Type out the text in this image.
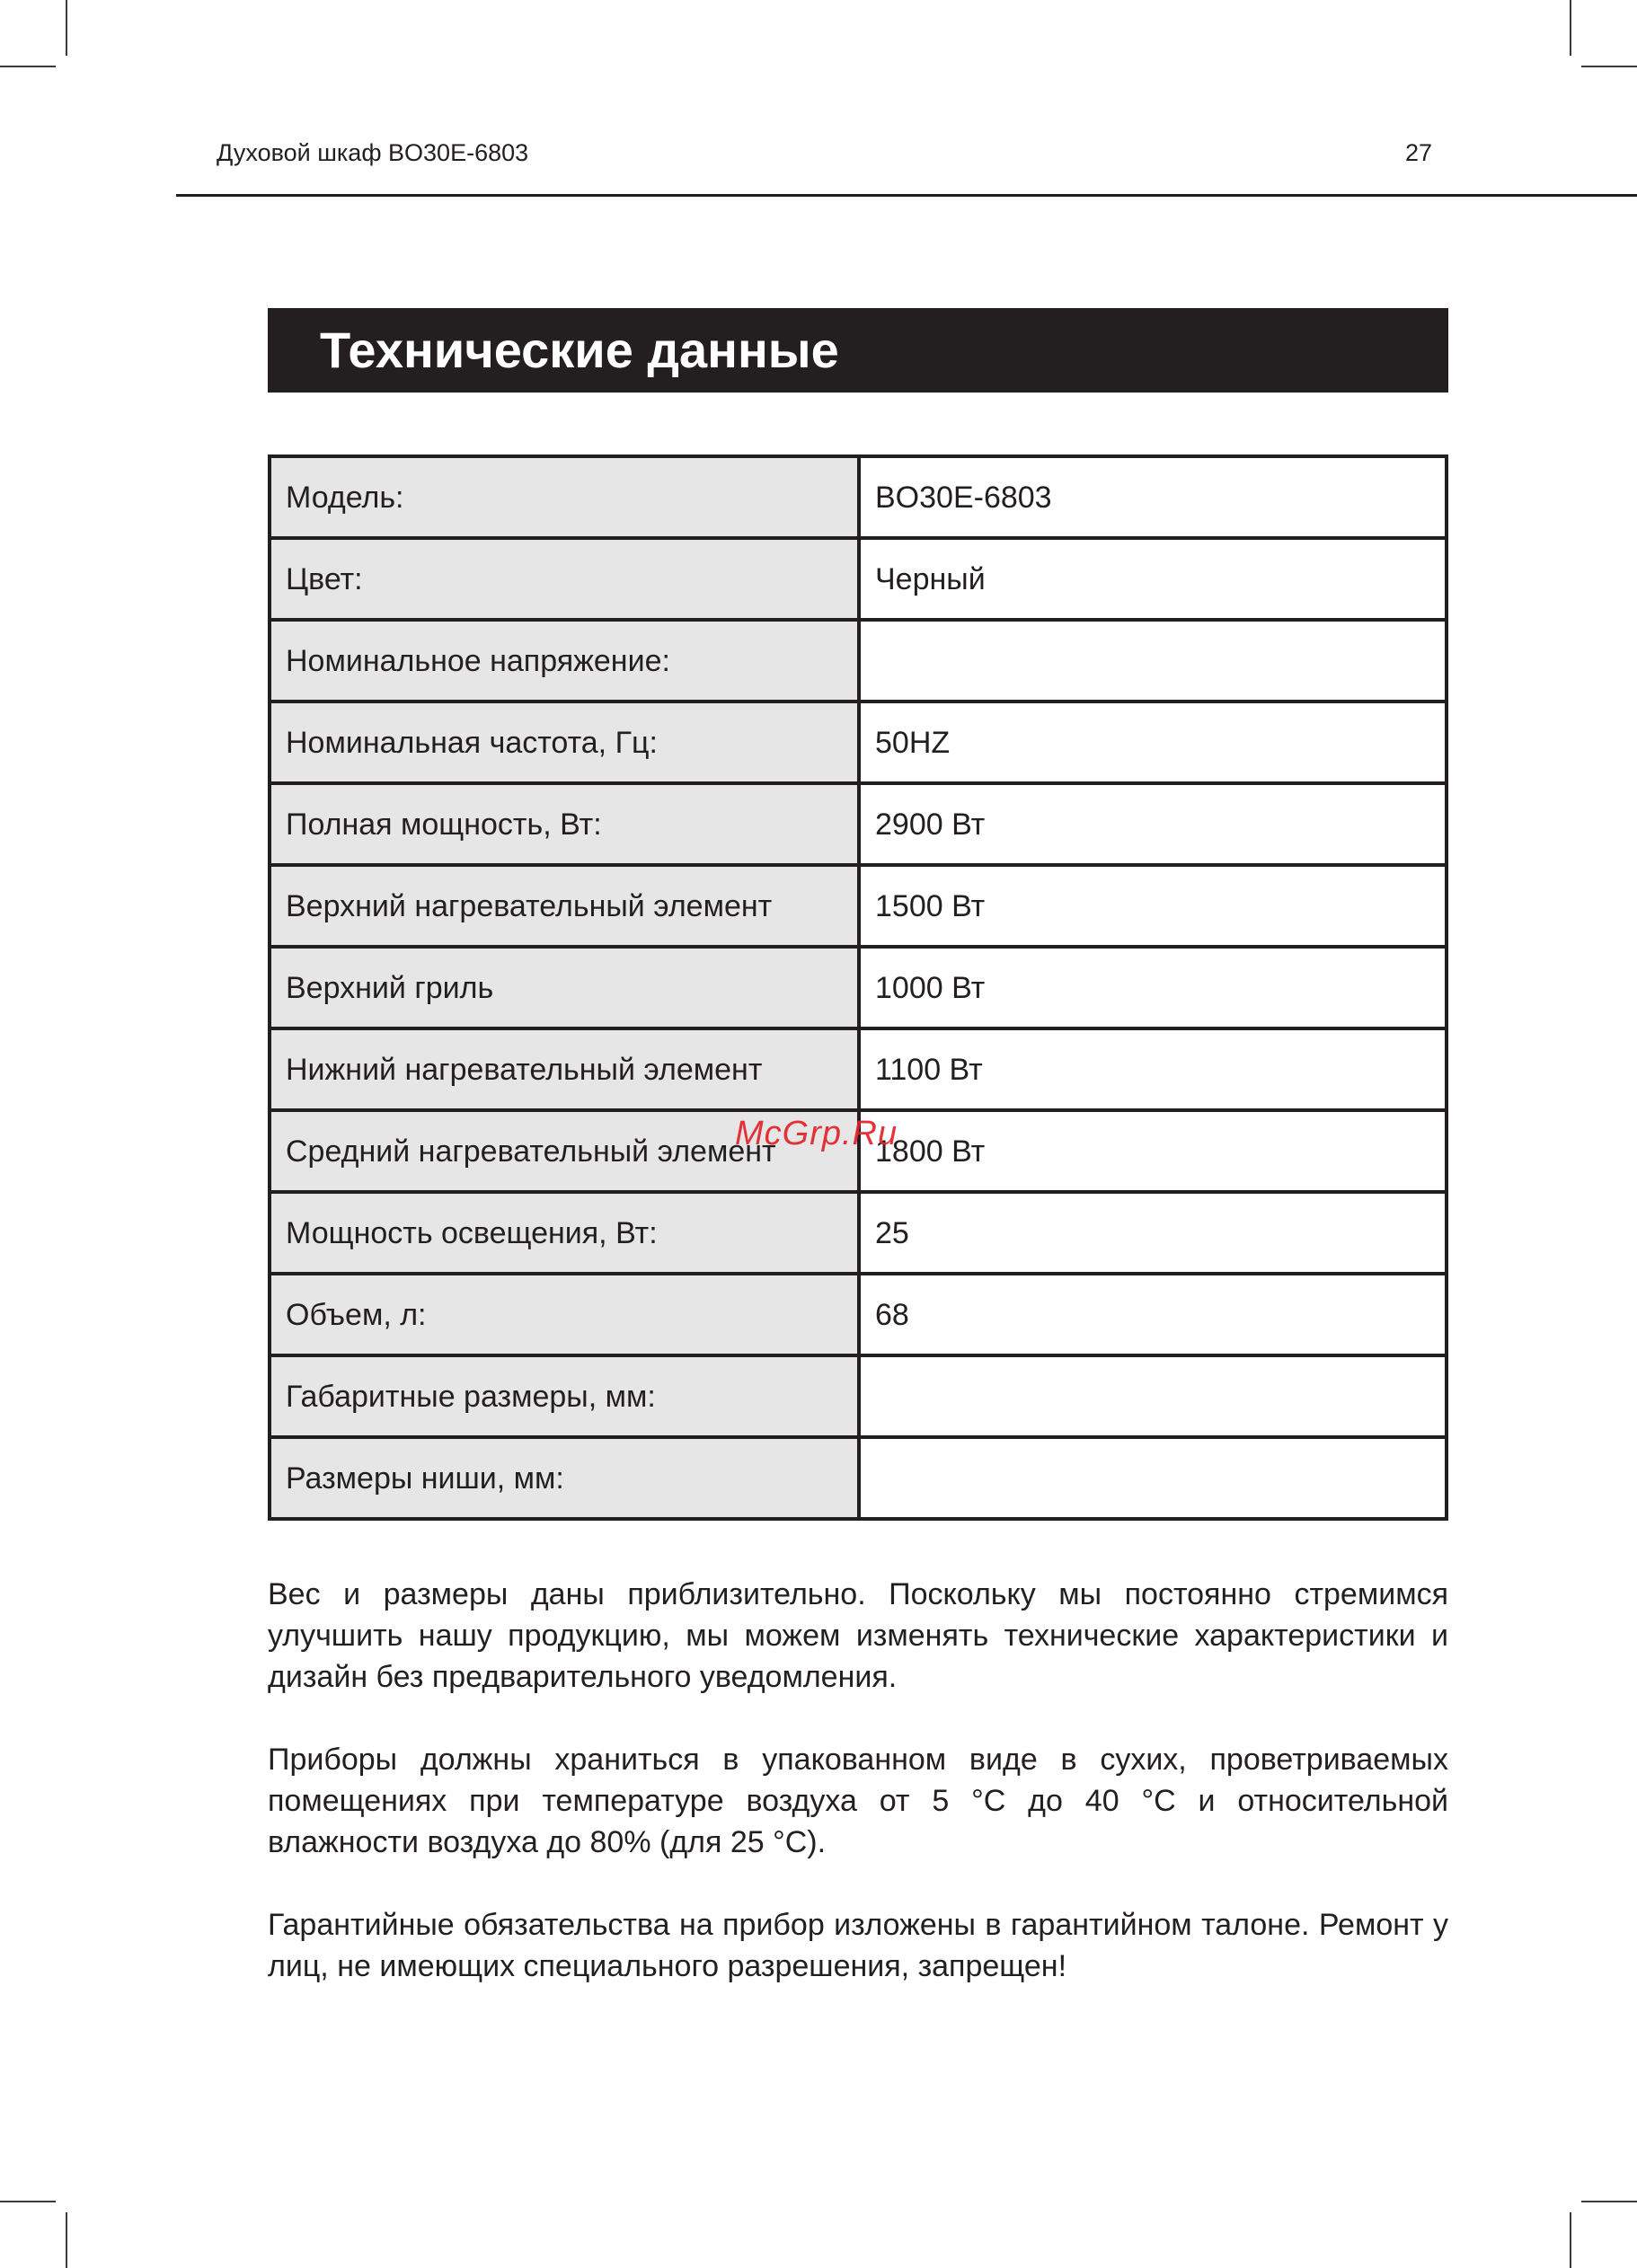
Духовой шкаф BO30E-6803	27
Технические данные
Модель:	BO30E-6803
Цвет:	Черный
Номинальное напряжение:	
Номинальная частота, Гц:	50HZ
Полная мощность, Вт:	2900 Вт
Верхний нагревательный элемент	1500 Вт
Верхний гриль	1000 Вт
Нижний нагревательный элемент	1100 Вт
Средний нагревательный элемент	1800 Вт
Мощность освещения, Вт:	25
Объем, л:	68
Габаритные размеры, мм:	
Размеры ниши, мм:	
McGrp.Ru

Вес и размеры даны приблизительно. Поскольку мы постоянно стремимся улучшить нашу продукцию, мы можем изменять технические характеристики и дизайн без предварительного уведомления.

Приборы должны храниться в упакованном виде в сухих, проветриваемых помещениях при температуре воздуха от 5 °С до 40 °С и относительной влажности воздуха до 80% (для 25 °С).

Гарантийные обязательства на прибор изложены в гарантийном талоне. Ремонт у лиц, не имеющих специального разрешения, запрещен!
